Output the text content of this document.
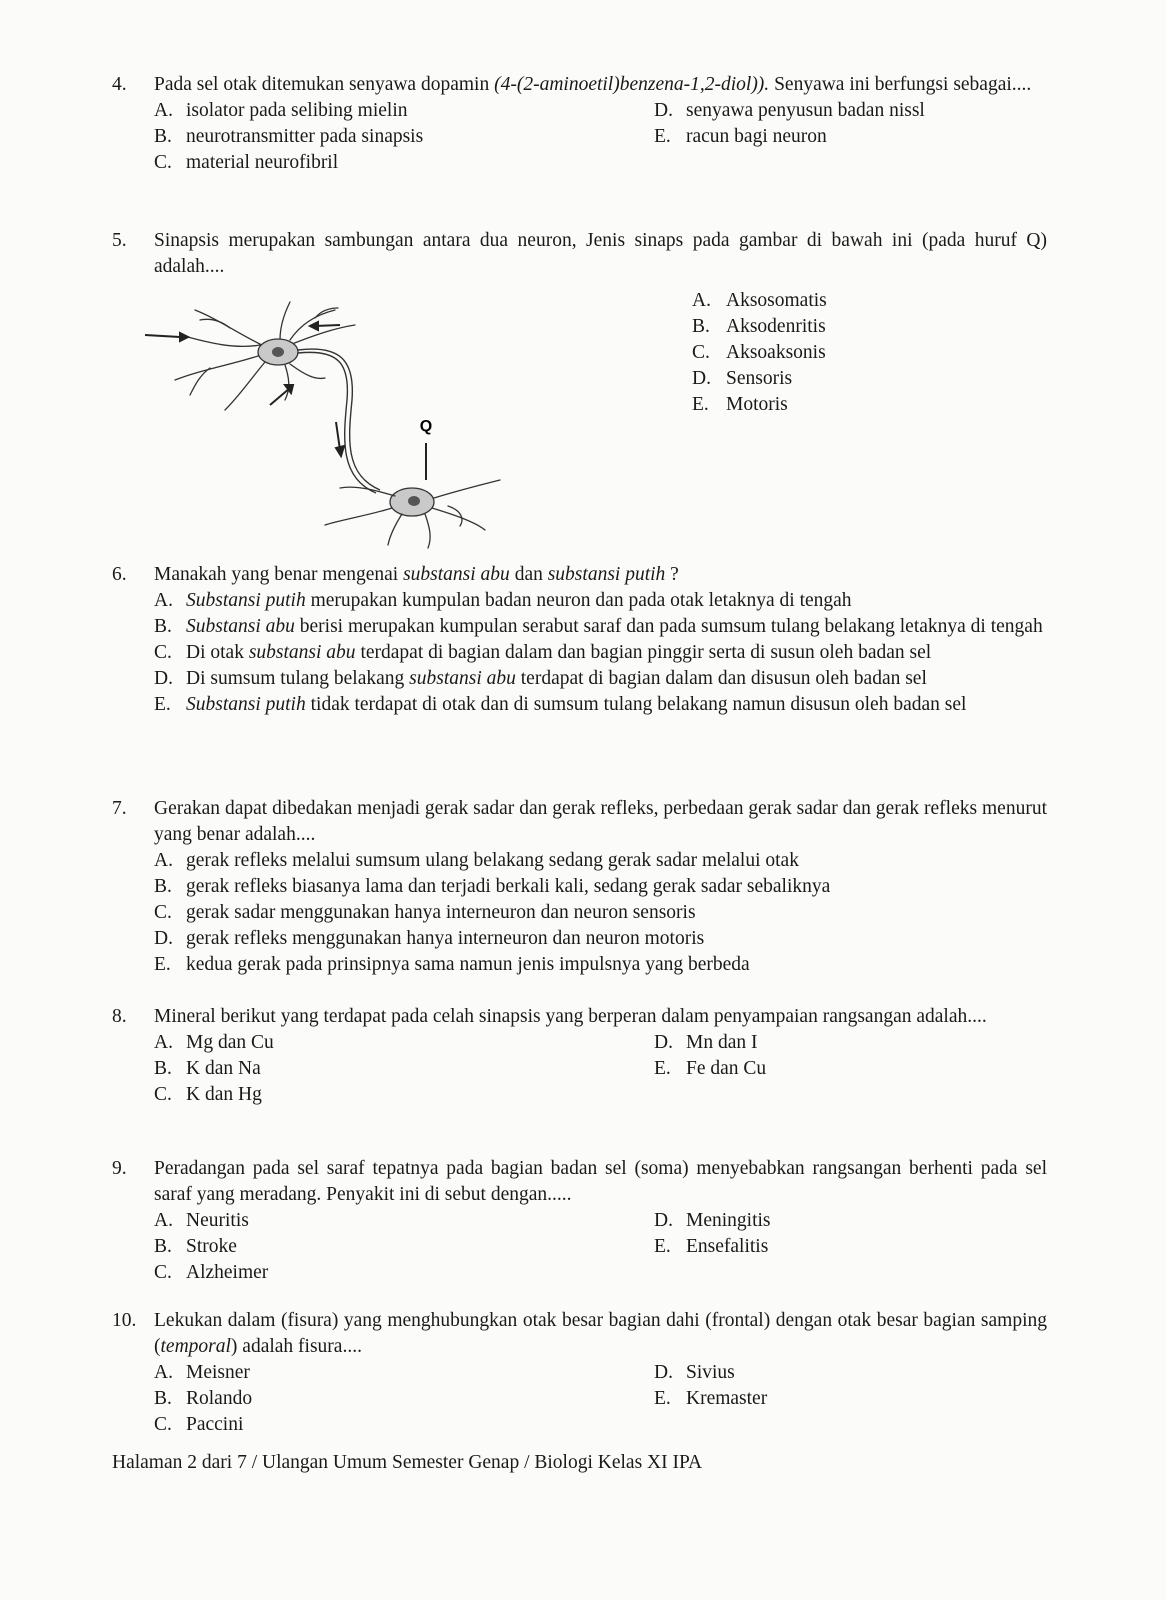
4.	Pada sel otak ditemukan senyawa dopamin (4-(2-aminoetil)benzena-1,2-diol)). Senyawa ini berfungsi sebagai....
A. isolator pada selibing mielin	D. senyawa penyusun badan nissl
B. neurotransmitter pada sinapsis	E. racun bagi neuron
C. material neurofibril
5.	Sinapsis merupakan sambungan antara dua neuron, Jenis sinaps pada gambar di bawah ini (pada huruf Q) adalah....
Q
A. Aksosomatis
B. Aksodenritis
C. Aksoaksonis
D. Sensoris
E. Motoris
6.	Manakah yang benar mengenai substansi abu dan substansi putih ?
A. Substansi putih merupakan kumpulan badan neuron dan pada otak letaknya di tengah
B. Substansi abu berisi merupakan kumpulan serabut saraf dan pada sumsum tulang belakang letaknya di tengah
C. Di otak substansi abu terdapat di bagian dalam dan bagian pinggir serta di susun oleh badan sel
D. Di sumsum tulang belakang substansi abu terdapat di bagian dalam dan disusun oleh badan sel
E. Substansi putih tidak terdapat di otak dan di sumsum tulang belakang namun disusun oleh badan sel
7.	Gerakan dapat dibedakan menjadi gerak sadar dan gerak refleks, perbedaan gerak sadar dan gerak refleks menurut yang benar adalah....
A. gerak refleks melalui sumsum ulang belakang sedang gerak sadar melalui otak
B. gerak refleks biasanya lama dan terjadi berkali kali, sedang gerak sadar sebaliknya
C. gerak sadar menggunakan hanya interneuron dan neuron sensoris
D. gerak refleks menggunakan hanya interneuron dan neuron motoris
E. kedua gerak pada prinsipnya sama namun jenis impulsnya yang berbeda
8.	Mineral berikut yang terdapat pada celah sinapsis yang berperan dalam penyampaian rangsangan adalah....
A. Mg dan Cu	D. Mn dan I
B. K dan Na	E. Fe dan Cu
C. K dan Hg
9.	Peradangan pada sel saraf tepatnya pada bagian badan sel (soma) menyebabkan rangsangan berhenti pada sel saraf yang meradang. Penyakit ini di sebut dengan.....
A. Neuritis	D. Meningitis
B. Stroke	E. Ensefalitis
C. Alzheimer
10. Lekukan dalam (fisura) yang menghubungkan otak besar bagian dahi (frontal) dengan otak besar bagian samping (temporal) adalah fisura....
A. Meisner	D. Sivius
B. Rolando	E. Kremaster
C. Paccini
Halaman 2 dari 7 / Ulangan Umum Semester Genap / Biologi Kelas XI IPA
